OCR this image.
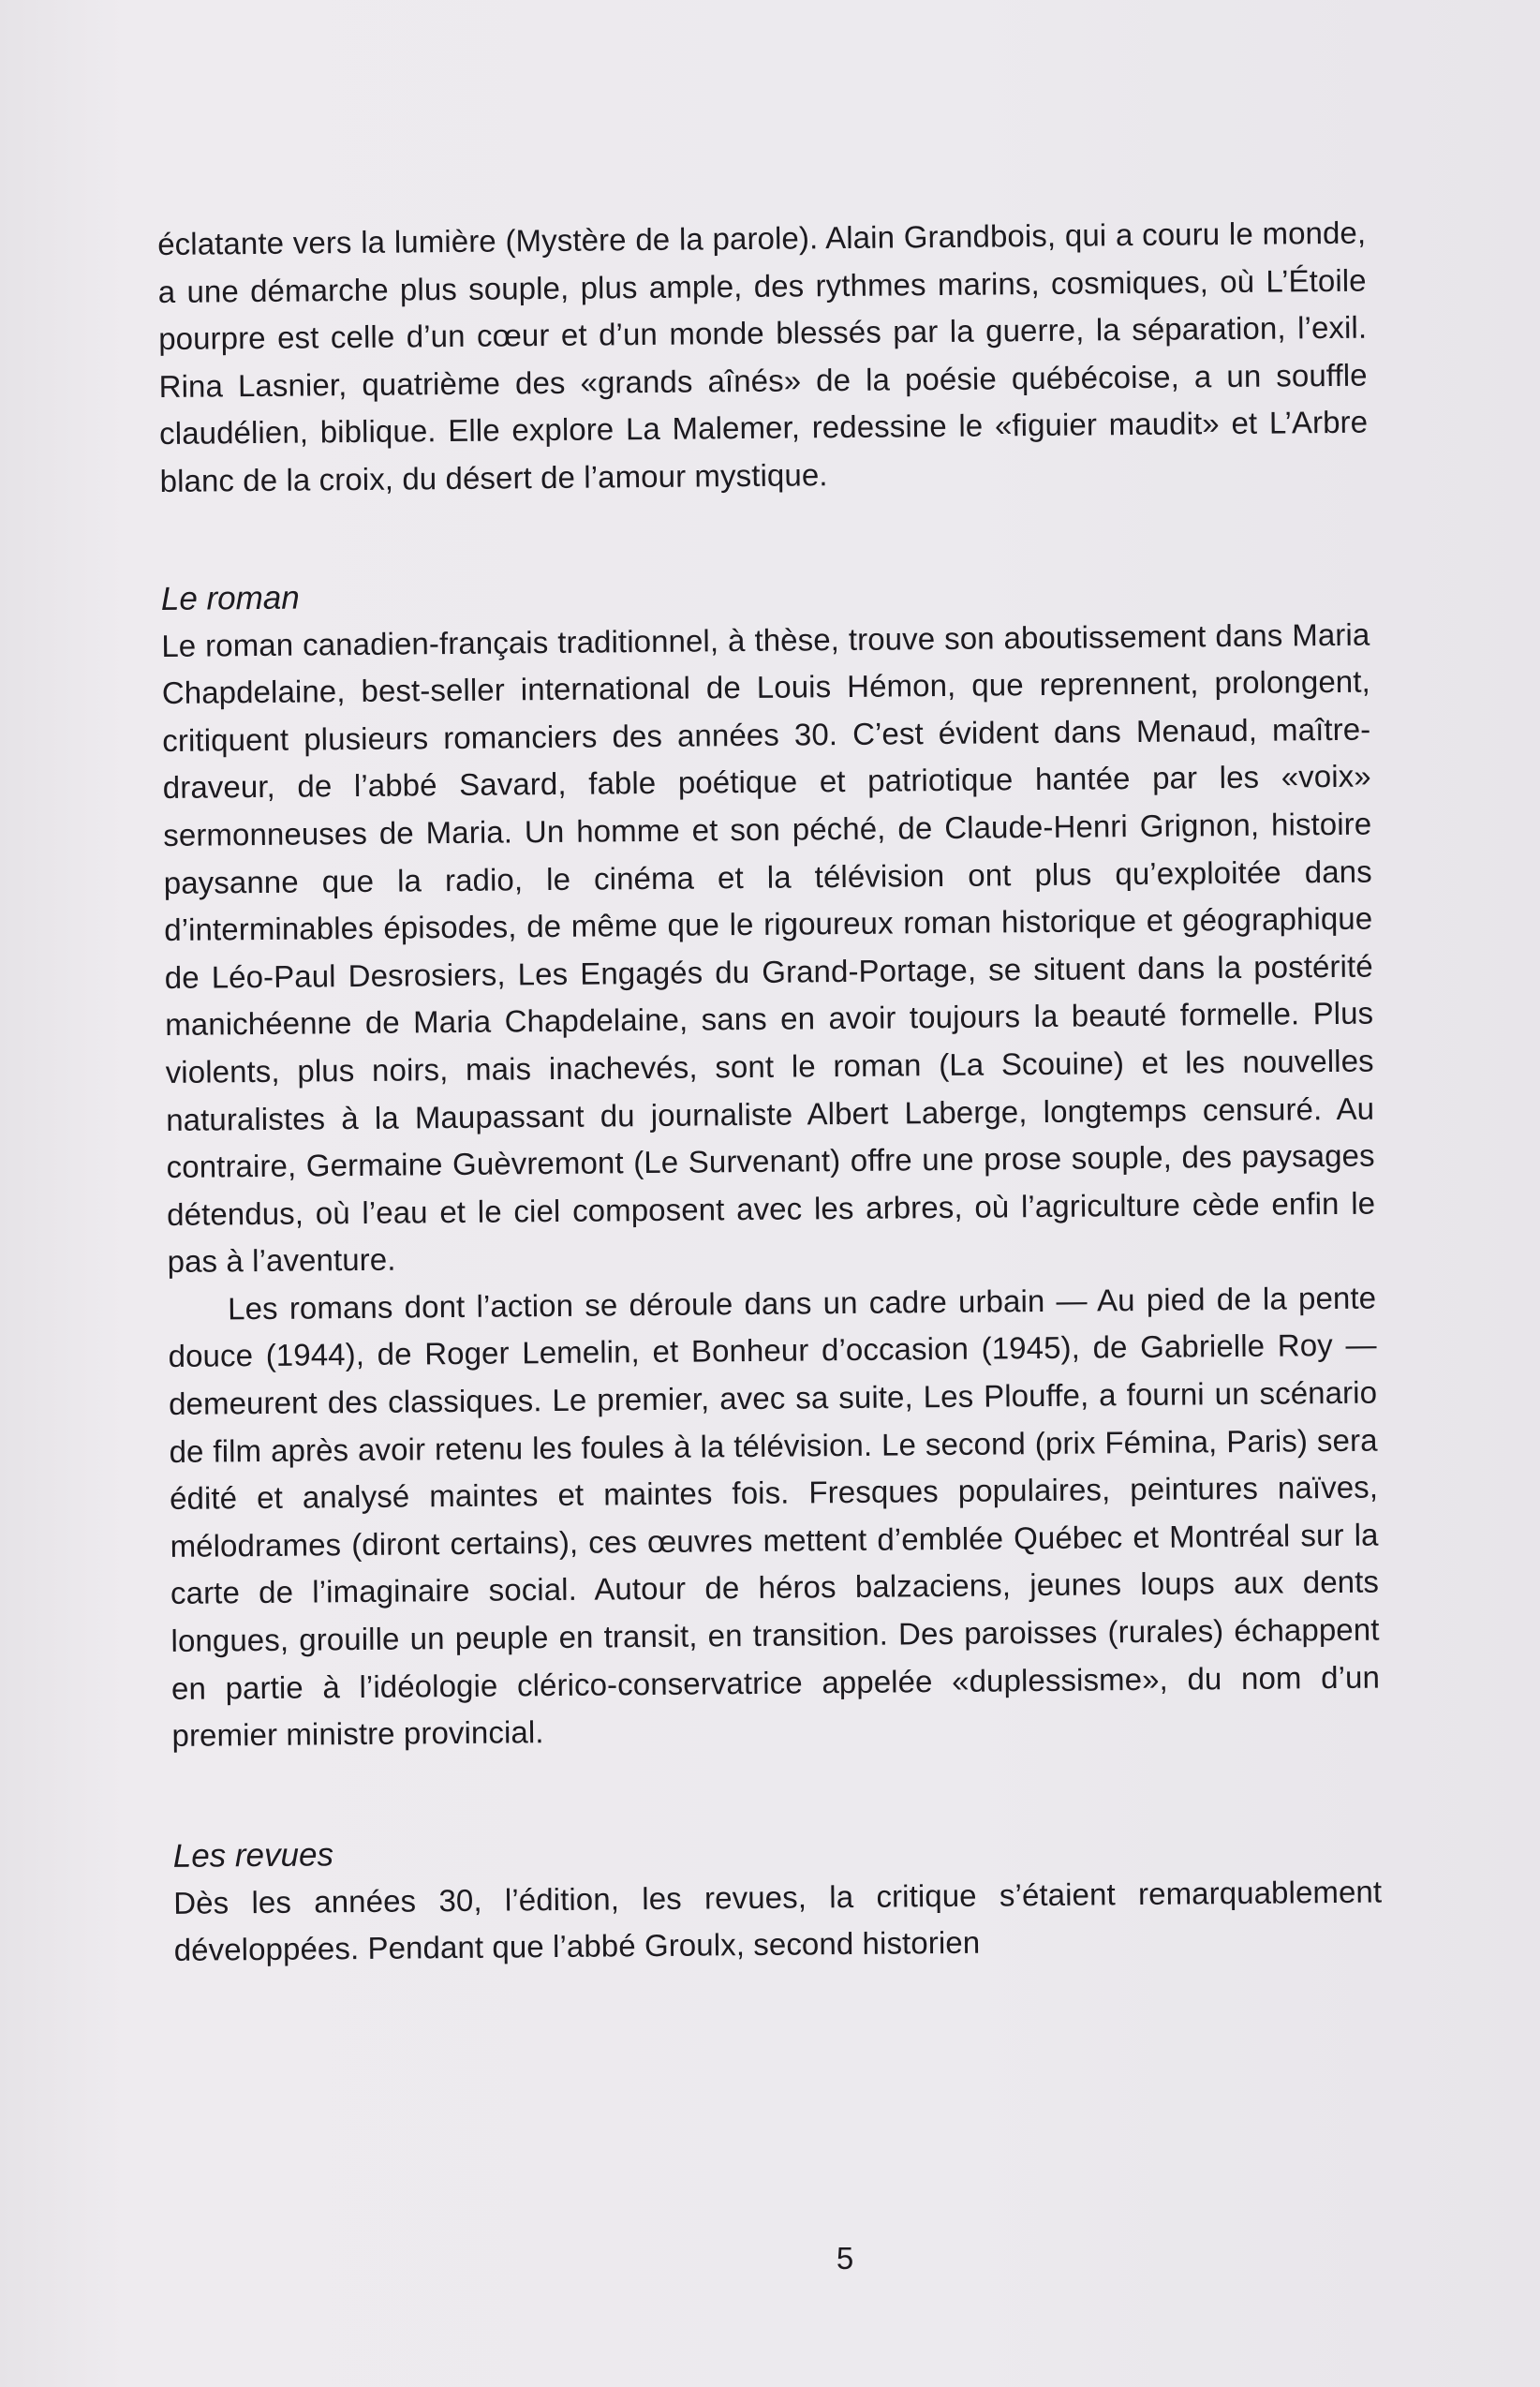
éclatante vers la lumière (Mystère de la parole). Alain Grandbois, qui a couru le monde, a une démarche plus souple, plus ample, des rythmes marins, cosmiques, où L’Étoile pourpre est celle d’un cœur et d’un monde blessés par la guerre, la séparation, l’exil. Rina Lasnier, quatrième des «grands aînés» de la poésie québécoise, a un souffle claudélien, biblique. Elle explore La Malemer, redessine le «figuier maudit» et L’Arbre blanc de la croix, du désert de l’amour mystique.

Le roman

Le roman canadien-français traditionnel, à thèse, trouve son aboutissement dans Maria Chapdelaine, best-seller international de Louis Hémon, que reprennent, prolongent, critiquent plusieurs romanciers des années 30. C’est évident dans Menaud, maître-draveur, de l’abbé Savard, fable poétique et patriotique hantée par les «voix» sermonneuses de Maria. Un homme et son péché, de Claude-Henri Grignon, histoire paysanne que la radio, le cinéma et la télévision ont plus qu’exploitée dans d’interminables épisodes, de même que le rigoureux roman historique et géographique de Léo-Paul Desrosiers, Les Engagés du Grand-Portage, se situent dans la postérité manichéenne de Maria Chapdelaine, sans en avoir toujours la beauté formelle. Plus violents, plus noirs, mais inachevés, sont le roman (La Scouine) et les nouvelles naturalistes à la Maupassant du journaliste Albert Laberge, longtemps censuré. Au contraire, Germaine Guèvremont (Le Survenant) offre une prose souple, des paysages détendus, où l’eau et le ciel composent avec les arbres, où l’agriculture cède enfin le pas à l’aventure.

Les romans dont l’action se déroule dans un cadre urbain — Au pied de la pente douce (1944), de Roger Lemelin, et Bonheur d’occasion (1945), de Gabrielle Roy — demeurent des classiques. Le premier, avec sa suite, Les Plouffe, a fourni un scénario de film après avoir retenu les foules à la télévision. Le second (prix Fémina, Paris) sera édité et analysé maintes et maintes fois. Fresques populaires, peintures naïves, mélodrames (diront certains), ces œuvres mettent d’emblée Québec et Montréal sur la carte de l’imaginaire social. Autour de héros balzaciens, jeunes loups aux dents longues, grouille un peuple en transit, en transition. Des paroisses (rurales) échappent en partie à l’idéologie clérico-conservatrice appelée «duplessisme», du nom d’un premier ministre provincial.

Les revues

Dès les années 30, l’édition, les revues, la critique s’étaient remarquablement développées. Pendant que l’abbé Groulx, second historien

5
